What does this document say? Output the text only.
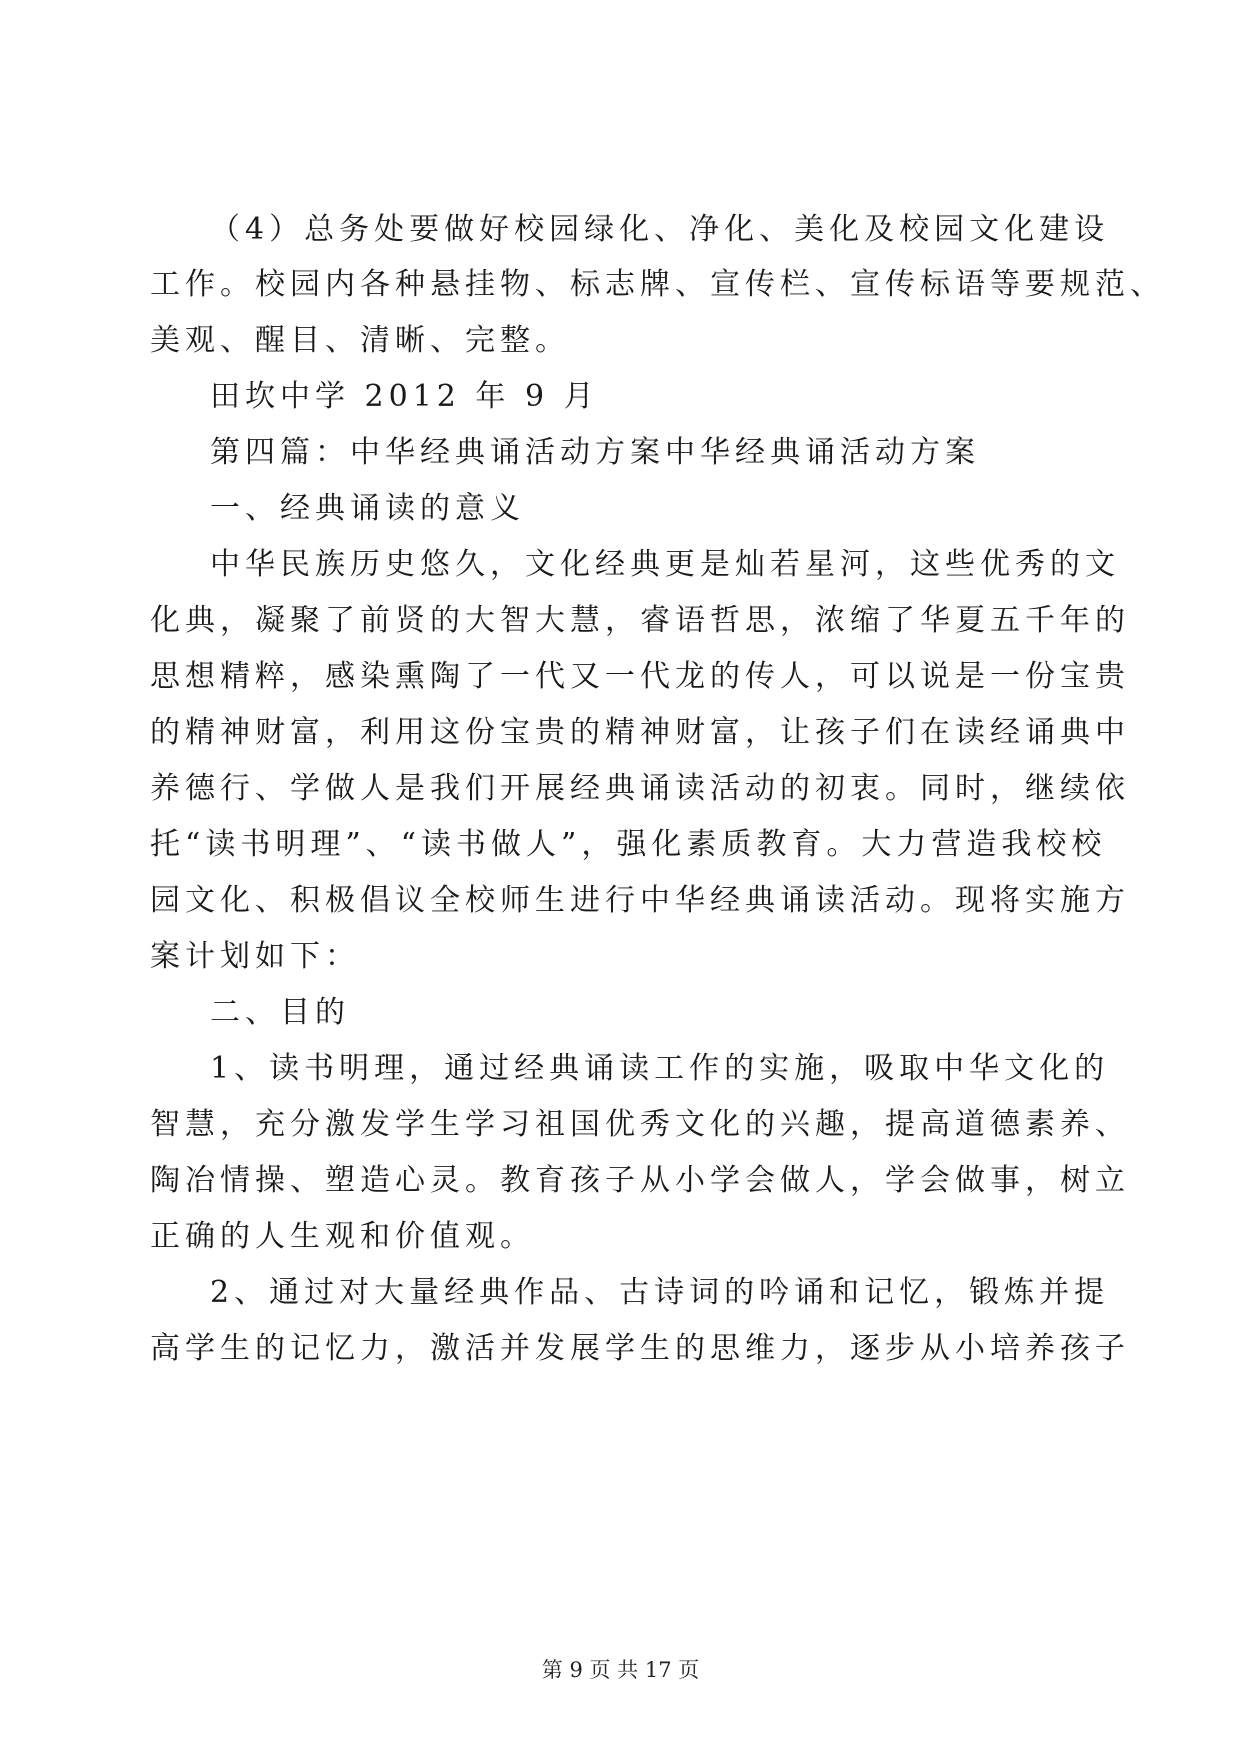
（4）总务处要做好校园绿化、净化、美化及校园文化建设
工作。校园内各种悬挂物、标志牌、宣传栏、宣传标语等要规范、
美观、醒目、清晰、完整。
田坎中学 2012 年 9 月
第四篇：中华经典诵活动方案中华经典诵活动方案
一、经典诵读的意义
中华民族历史悠久，文化经典更是灿若星河，这些优秀的文
化典，凝聚了前贤的大智大慧，睿语哲思，浓缩了华夏五千年的
思想精粹，感染熏陶了一代又一代龙的传人，可以说是一份宝贵
的精神财富，利用这份宝贵的精神财富，让孩子们在读经诵典中
养德行、学做人是我们开展经典诵读活动的初衷。同时，继续依
托“读书明理”、“读书做人”，强化素质教育。大力营造我校校
园文化、积极倡议全校师生进行中华经典诵读活动。现将实施方
案计划如下：
二、目的
1、读书明理，通过经典诵读工作的实施，吸取中华文化的
智慧，充分激发学生学习祖国优秀文化的兴趣，提高道德素养、
陶冶情操、塑造心灵。教育孩子从小学会做人，学会做事，树立
正确的人生观和价值观。
2、通过对大量经典作品、古诗词的吟诵和记忆，锻炼并提
高学生的记忆力，激活并发展学生的思维力，逐步从小培养孩子
第 9 页 共 17 页
